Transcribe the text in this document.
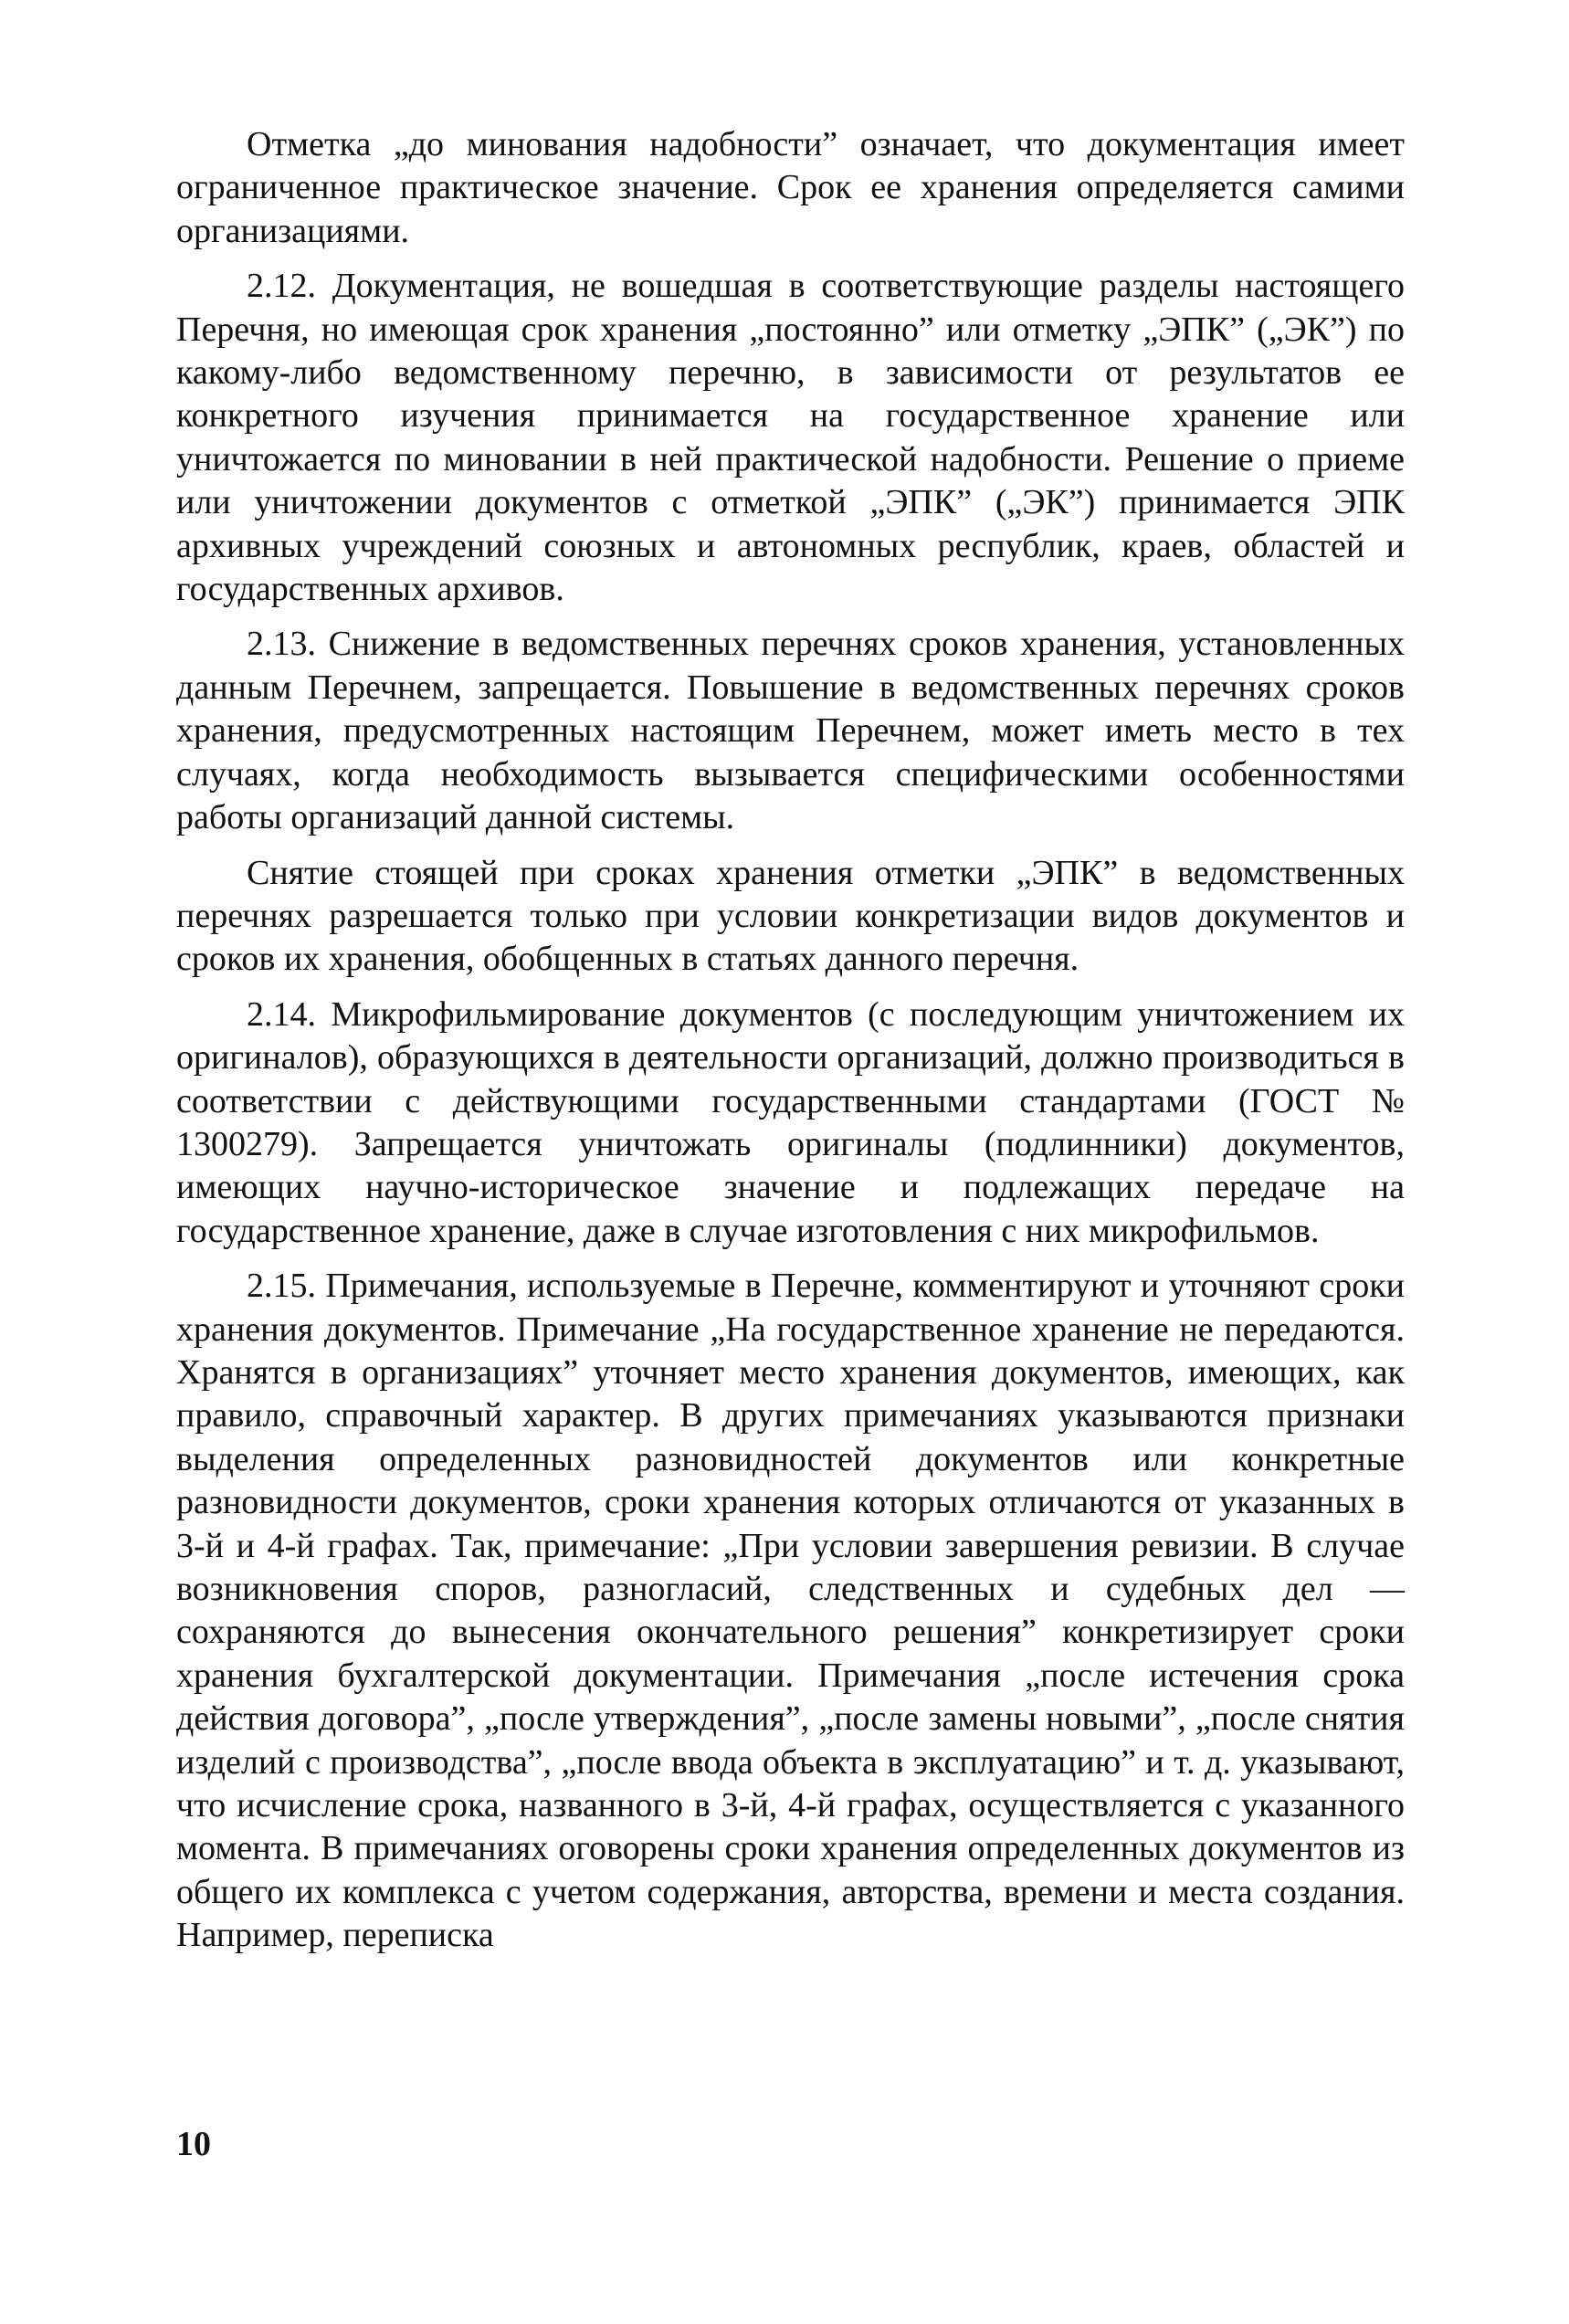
Отметка „до минования надобности” означает, что документация имеет ограниченное практическое значение. Срок ее хранения определяется самими организациями.

2.12. Документация, не вошедшая в соответствующие разделы настоящего Перечня, но имеющая срок хранения „постоянно” или отметку „ЭПК” („ЭК”) по какому-либо ведомственному перечню, в зависимости от результатов ее конкретного изучения принимается на государственное хранение или уничтожается по миновании в ней практической надобности. Решение о приеме или уничтожении документов с отметкой „ЭПК” („ЭК”) принимается ЭПК архивных учреждений союзных и автономных республик, краев, областей и государственных архивов.

2.13. Снижение в ведомственных перечнях сроков хранения, установленных данным Перечнем, запрещается. Повышение в ведомственных перечнях сроков хранения, предусмотренных настоящим Перечнем, может иметь место в тех случаях, когда необходимость вызывается специфическими особенностями работы организаций данной системы.

Снятие стоящей при сроках хранения отметки „ЭПК” в ведомственных перечнях разрешается только при условии конкретизации видов документов и сроков их хранения, обобщенных в статьях данного перечня.

2.14. Микрофильмирование документов (с последующим уничтожением их оригиналов), образующихся в деятельности организаций, должно производиться в соответствии с действующими государственными стандартами (ГОСТ № 1300279). Запрещается уничтожать оригиналы (подлинники) документов, имеющих научно-историческое значение и подлежащих передаче на государственное хранение, даже в случае изготовления с них микрофильмов.

2.15. Примечания, используемые в Перечне, комментируют и уточняют сроки хранения документов. Примечание „На государственное хранение не передаются. Хранятся в организациях” уточняет место хранения документов, имеющих, как правило, справочный характер. В других примечаниях указываются признаки выделения определенных разновидностей документов или конкретные разновидности документов, сроки хранения которых отличаются от указанных в 3-й и 4-й графах. Так, примечание: „При условии завершения ревизии. В случае возникновения споров, разногласий, следственных и судебных дел — сохраняются до вынесения окончательного решения” конкретизирует сроки хранения бухгалтерской документации. Примечания „после истечения срока действия договора”, „после утверждения”, „после замены новыми”, „после снятия изделий с производства”, „после ввода объекта в эксплуатацию” и т. д. указывают, что исчисление срока, названного в 3-й, 4-й графах, осуществляется с указанного момента. В примечаниях оговорены сроки хранения определенных документов из общего их комплекса с учетом содержания, авторства, времени и места создания. Например, переписка

10
